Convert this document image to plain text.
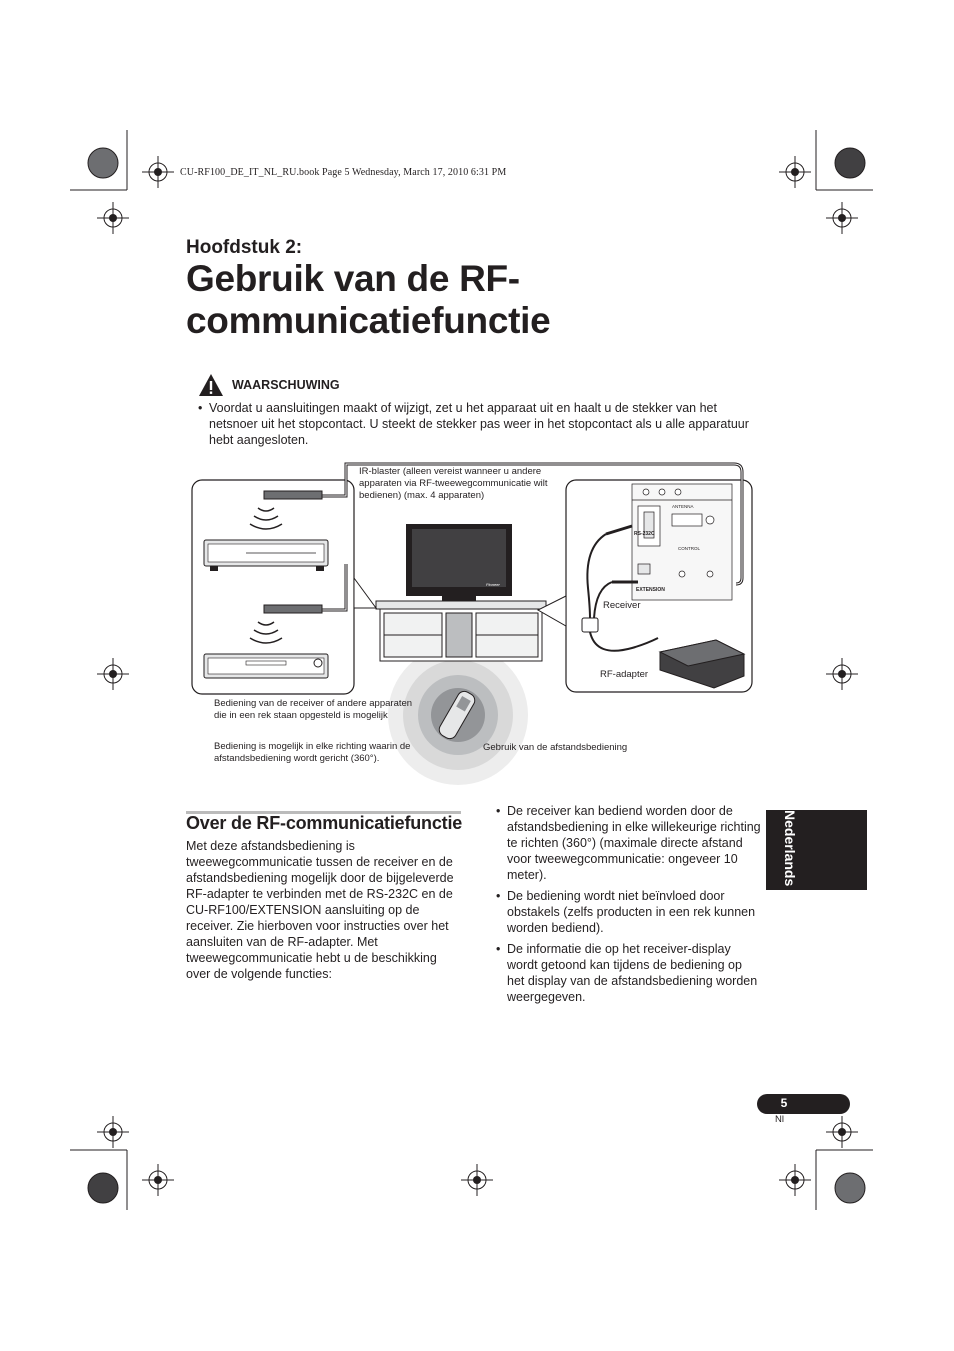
CU-RF100_DE_IT_NL_RU.book Page 5 Wednesday, March 17, 2010 6:31 PM
Hoofdstuk 2:
Gebruik van de RF-
communicatiefunctie
WAARSCHUWING
• Voordat u aansluitingen maakt of wijzigt, zet u het apparaat uit en haalt u de stekker van het netsnoer uit het stopcontact. U steekt de stekker pas weer in het stopcontact als u alle apparatuur hebt aangesloten.
IR-blaster (alleen vereist wanneer u andere apparaten via RF-tweewegcommunicatie wilt bedienen) (max. 4 apparaten)
RS-232C
EXTENSION
ANTENNA
CONTROL
Pioneer
Receiver
RF-adapter
Bediening van de receiver of andere apparaten die in een rek staan opgesteld is mogelijk
Bediening is mogelijk in elke richting waarin de afstandsbediening wordt gericht (360°).
Gebruik van de afstandsbediening
Over de RF-communicatiefunctie
Met deze afstandsbediening is tweewegcommunicatie tussen de receiver en de afstandsbediening mogelijk door de bijgeleverde RF-adapter te verbinden met de RS-232C en de CU-RF100/EXTENSION aansluiting op de receiver. Zie hierboven voor instructies over het aansluiten van de RF-adapter. Met tweewegcommunicatie hebt u de beschikking over de volgende functies:
• De receiver kan bediend worden door de afstandsbediening in elke willekeurige richting te richten (360°) (maximale directe afstand voor tweewegcommunicatie: ongeveer 10 meter).
• De bediening wordt niet beïnvloed door obstakels (zelfs producten in een rek kunnen worden bediend).
• De informatie die op het receiver-display wordt getoond kan tijdens de bediening op het display van de afstandsbediening worden weergegeven.
Nederlands
5
Nl
